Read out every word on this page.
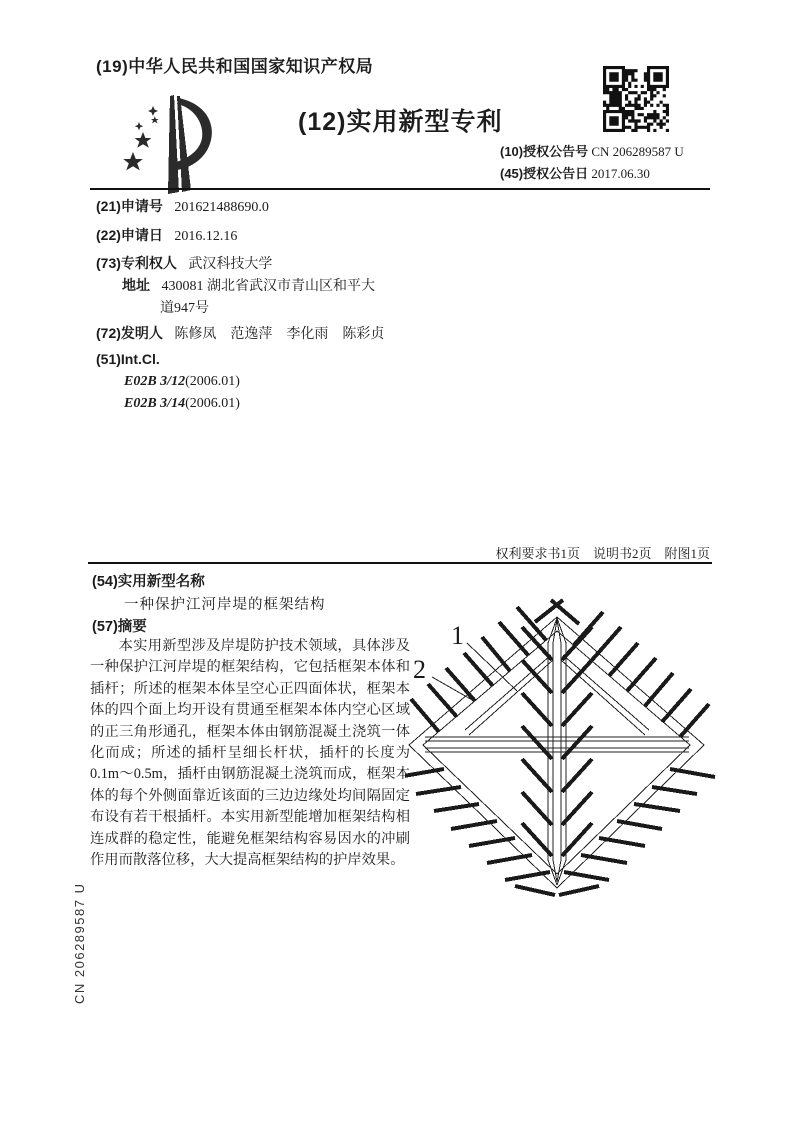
(19)中华人民共和国国家知识产权局
(12)实用新型专利
(10)授权公告号 CN 206289587 U
(45)授权公告日 2017.06.30
(21)申请号 201621488690.0
(22)申请日 2016.12.16
(73)专利权人 武汉科技大学
地址 430081 湖北省武汉市青山区和平大
道947号
(72)发明人 陈修凤　范逸萍　李化雨　陈彩贞
(51)Int.Cl.
E02B 3/12(2006.01)
E02B 3/14(2006.01)
权利要求书1页　说明书2页　附图1页
(54)实用新型名称
一种保护江河岸堤的框架结构
(57)摘要
本实用新型涉及岸堤防护技术领域，具体涉及一种保护江河岸堤的框架结构，它包括框架本体和插杆；所述的框架本体呈空心正四面体状，框架本体的四个面上均开设有贯通至框架本体内空心区域的正三角形通孔，框架本体由钢筋混凝土浇筑一体化而成；所述的插杆呈细长杆状，插杆的长度为0.1m～0.5m，插杆由钢筋混凝土浇筑而成，框架本体的每个外侧面靠近该面的三边边缘处均间隔固定布设有若干根插杆。本实用新型能增加框架结构相连成群的稳定性，能避免框架结构容易因水的冲刷作用而散落位移，大大提高框架结构的护岸效果。
1
2
CN 206289587 U
